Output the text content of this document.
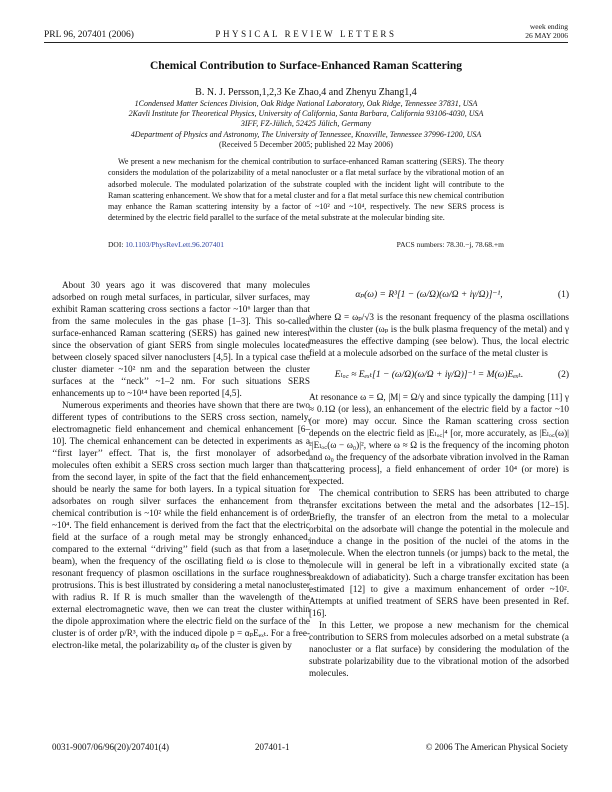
PRL 96, 207401 (2006)	PHYSICAL REVIEW LETTERS
week ending
26 MAY 2006
Chemical Contribution to Surface-Enhanced Raman Scattering
B. N. J. Persson,1,2,3 Ke Zhao,4 and Zhenyu Zhang1,4
1Condensed Matter Sciences Division, Oak Ridge National Laboratory, Oak Ridge, Tennessee 37831, USA
2Kavli Institute for Theoretical Physics, University of California, Santa Barbara, California 93106-4030, USA
3IFF, FZ-Jülich, 52425 Jülich, Germany
4Department of Physics and Astronomy, The University of Tennessee, Knoxville, Tennessee 37996-1200, USA
(Received 5 December 2005; published 22 May 2006)
We present a new mechanism for the chemical contribution to surface-enhanced Raman scattering (SERS). The theory considers the modulation of the polarizability of a metal nanocluster or a flat metal surface by the vibrational motion of an adsorbed molecule. The modulated polarization of the substrate coupled with the incident light will contribute to the Raman scattering enhancement. We show that for a metal cluster and for a flat metal surface this new chemical contribution may enhance the Raman scattering intensity by a factor of ~10² and ~10⁴, respectively. The new SERS process is determined by the electric field parallel to the surface of the metal substrate at the molecular binding site.
DOI: 10.1103/PhysRevLett.96.207401	PACS numbers: 78.30.−j, 78.68.+m

About 30 years ago it was discovered that many molecules adsorbed on rough metal surfaces, in particular, silver surfaces, may exhibit Raman scattering cross sections a factor ~10⁶ larger than that from the same molecules in the gas phase [1–3]. This so-called surface-enhanced Raman scattering (SERS) has gained new interest since the observation of giant SERS from single molecules located between closely spaced silver nanoclusters [4,5]. In a typical case the cluster diameter ~10² nm and the separation between the cluster surfaces at the ‘‘neck’’ ~1–2 nm. For such situations SERS enhancements up to ~10¹⁴ have been reported [4,5].

Numerous experiments and theories have shown that there are two different types of contributions to the SERS cross section, namely, electromagnetic field enhancement and chemical enhancement [6–10]. The chemical enhancement can be detected in experiments as a ‘‘first layer’’ effect. That is, the first monolayer of adsorbed molecules often exhibit a SERS cross section much larger than that from the second layer, in spite of the fact that the field enhancement should be nearly the same for both layers. In a typical situation for adsorbates on rough silver surfaces the enhancement from the chemical contribution is ~10² while the field enhancement is of order ~10⁴. The field enhancement is derived from the fact that the electric field at the surface of a rough metal may be strongly enhanced, compared to the external ‘‘driving’’ field (such as that from a laser beam), when the frequency of the oscillating field ω is close to the resonant frequency of plasmon oscillations in the surface roughness protrusions. This is best illustrated by considering a metal nanocluster with radius R. If R is much smaller than the wavelength of the external electromagnetic wave, then we can treat the cluster within the dipole approximation where the electric field on the surface of the cluster is of order p/R³, with the induced dipole p = αₚEₑₓₜ. For a free-electron-like metal, the polarizability αₚ of the cluster is given by

αₚ(ω) = R³[1 − (ω/Ω)(ω/Ω + iγ/Ω)]⁻¹,	(1)

where Ω = ωₚ/√3 is the resonant frequency of the plasma oscillations within the cluster (ωₚ is the bulk plasma frequency of the metal) and γ measures the effective damping (see below). Thus, the local electric field at a molecule adsorbed on the surface of the metal cluster is

Eₗₒ꜀ ≈ Eₑₓₜ[1 − (ω/Ω)(ω/Ω + iγ/Ω)]⁻¹ = M(ω)Eₑₓₜ.	(2)

At resonance ω = Ω, |M| = Ω/γ and since typically the damping [11] γ ≈ 0.1Ω (or less), an enhancement of the electric field by a factor ~10 (or more) may occur. Since the Raman scattering cross section depends on the electric field as |Eₗₒ꜀|⁴ [or, more accurately, as |Eₗₒ꜀(ω)|²|Eₗₒ꜀(ω − ω₀)|², where ω ≈ Ω is the frequency of the incoming photon and ω₀ the frequency of the adsorbate vibration involved in the Raman scattering process], a field enhancement of order 10⁴ (or more) is expected.

The chemical contribution to SERS has been attributed to charge transfer excitations between the metal and the adsorbates [12–15]. Briefly, the transfer of an electron from the metal to a molecular orbital on the adsorbate will change the potential in the molecule and induce a change in the position of the nuclei of the atoms in the molecule. When the electron tunnels (or jumps) back to the metal, the molecule will in general be left in a vibrationally excited state (a breakdown of adiabaticity). Such a charge transfer excitation has been estimated [12] to give a maximum enhancement of order ~10². Attempts at unified treatment of SERS have been presented in Ref. [16].

In this Letter, we propose a new mechanism for the chemical contribution to SERS from molecules adsorbed on a metal substrate (a nanocluster or a flat surface) by considering the modulation of the substrate polarizability due to the vibrational motion of the adsorbed molecules.

0031-9007/06/96(20)/207401(4)	207401-1	© 2006 The American Physical Society
